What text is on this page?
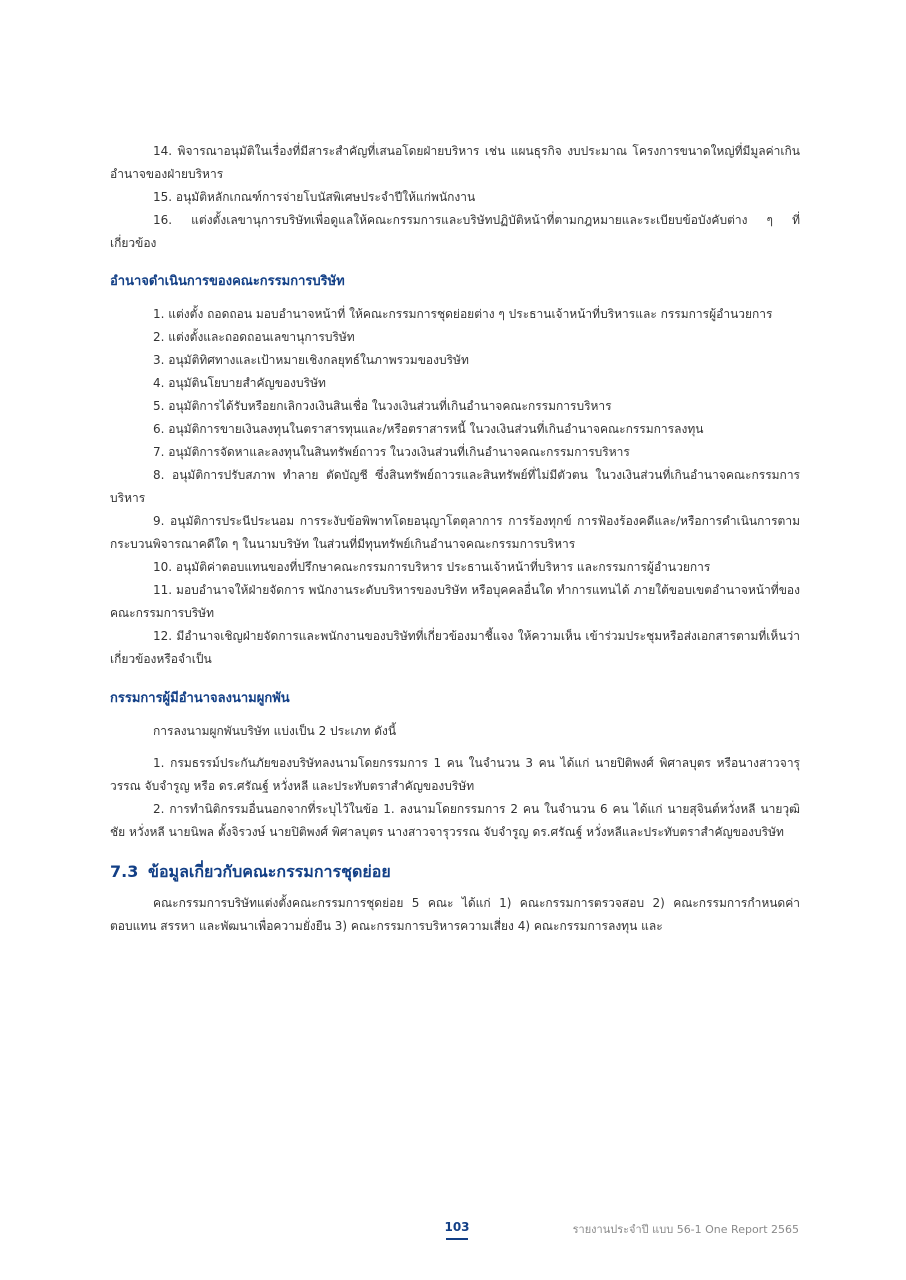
14. พิจารณาอนุมัติในเรื่องที่มีสาระสำคัญที่เสนอโดยฝ่ายบริหาร เช่น แผนธุรกิจ งบประมาณ โครงการขนาดใหญ่ที่มีมูลค่าเกินอำนาจของฝ่ายบริหาร

15. อนุมัติหลักเกณฑ์การจ่ายโบนัสพิเศษประจำปีให้แก่พนักงาน

16. แต่งตั้งเลขานุการบริษัทเพื่อดูแลให้คณะกรรมการและบริษัทปฏิบัติหน้าที่ตามกฎหมายและระเบียบข้อบังคับต่าง ๆ ที่เกี่ยวข้อง

อำนาจดำเนินการของคณะกรรมการบริษัท

1. แต่งตั้ง ถอดถอน มอบอำนาจหน้าที่ ให้คณะกรรมการชุดย่อยต่าง ๆ ประธานเจ้าหน้าที่บริหารและ กรรมการผู้อำนวยการ

2. แต่งตั้งและถอดถอนเลขานุการบริษัท

3. อนุมัติทิศทางและเป้าหมายเชิงกลยุทธ์ในภาพรวมของบริษัท

4. อนุมัตินโยบายสำคัญของบริษัท

5. อนุมัติการได้รับหรือยกเลิกวงเงินสินเชื่อ ในวงเงินส่วนที่เกินอำนาจคณะกรรมการบริหาร

6. อนุมัติการขายเงินลงทุนในตราสารทุนและ/หรือตราสารหนี้ ในวงเงินส่วนที่เกินอำนาจคณะกรรมการลงทุน

7. อนุมัติการจัดหาและลงทุนในสินทรัพย์ถาวร ในวงเงินส่วนที่เกินอำนาจคณะกรรมการบริหาร

8. อนุมัติการปรับสภาพ ทำลาย ตัดบัญชี ซึ่งสินทรัพย์ถาวรและสินทรัพย์ที่ไม่มีตัวตน ในวงเงินส่วนที่เกินอำนาจคณะกรรมการบริหาร

9. อนุมัติการประนีประนอม การระงับข้อพิพาทโดยอนุญาโตตุลาการ การร้องทุกข์ การฟ้องร้องคดีและ/หรือการดำเนินการตามกระบวนพิจารณาคดีใด ๆ ในนามบริษัท ในส่วนที่มีทุนทรัพย์เกินอำนาจคณะกรรมการบริหาร

10. อนุมัติค่าตอบแทนของที่ปรึกษาคณะกรรมการบริหาร ประธานเจ้าหน้าที่บริหาร และกรรมการผู้อำนวยการ

11. มอบอำนาจให้ฝ่ายจัดการ พนักงานระดับบริหารของบริษัท หรือบุคคลอื่นใด ทำการแทนได้ ภายใต้ขอบเขตอำนาจหน้าที่ของคณะกรรมการบริษัท

12. มีอำนาจเชิญฝ่ายจัดการและพนักงานของบริษัทที่เกี่ยวข้องมาชี้แจง ให้ความเห็น เข้าร่วมประชุมหรือส่งเอกสารตามที่เห็นว่าเกี่ยวข้องหรือจำเป็น

กรรมการผู้มีอำนาจลงนามผูกพัน

การลงนามผูกพันบริษัท แบ่งเป็น 2 ประเภท ดังนี้

1. กรมธรรม์ประกันภัยของบริษัทลงนามโดยกรรมการ 1 คน ในจำนวน 3 คน ได้แก่ นายปิติพงศ์ พิศาลบุตร หรือนางสาวจารุวรรณ จับจำรูญ หรือ ดร.ศรัณฐ์ หวั่งหลี และประทับตราสำคัญของบริษัท

2. การทำนิติกรรมอื่นนอกจากที่ระบุไว้ในข้อ 1. ลงนามโดยกรรมการ 2 คน ในจำนวน 6 คน ได้แก่ นายสุจินต์หวั่งหลี นายวุฒิชัย หวั่งหลี นายนิพล ตั้งจิรวงษ์ นายปิติพงศ์ พิศาลบุตร นางสาวจารุวรรณ จับจำรูญ ดร.ศรัณฐ์ หวั่งหลีและประทับตราสำคัญของบริษัท

7.3 ข้อมูลเกี่ยวกับคณะกรรมการชุดย่อย

คณะกรรมการบริษัทแต่งตั้งคณะกรรมการชุดย่อย 5 คณะ ได้แก่ 1) คณะกรรมการตรวจสอบ 2) คณะกรรมการกำหนดค่าตอบแทน สรรหา และพัฒนาเพื่อความยั่งยืน 3) คณะกรรมการบริหารความเสี่ยง 4) คณะกรรมการลงทุน และ

103	รายงานประจำปี แบบ 56-1 One Report 2565
